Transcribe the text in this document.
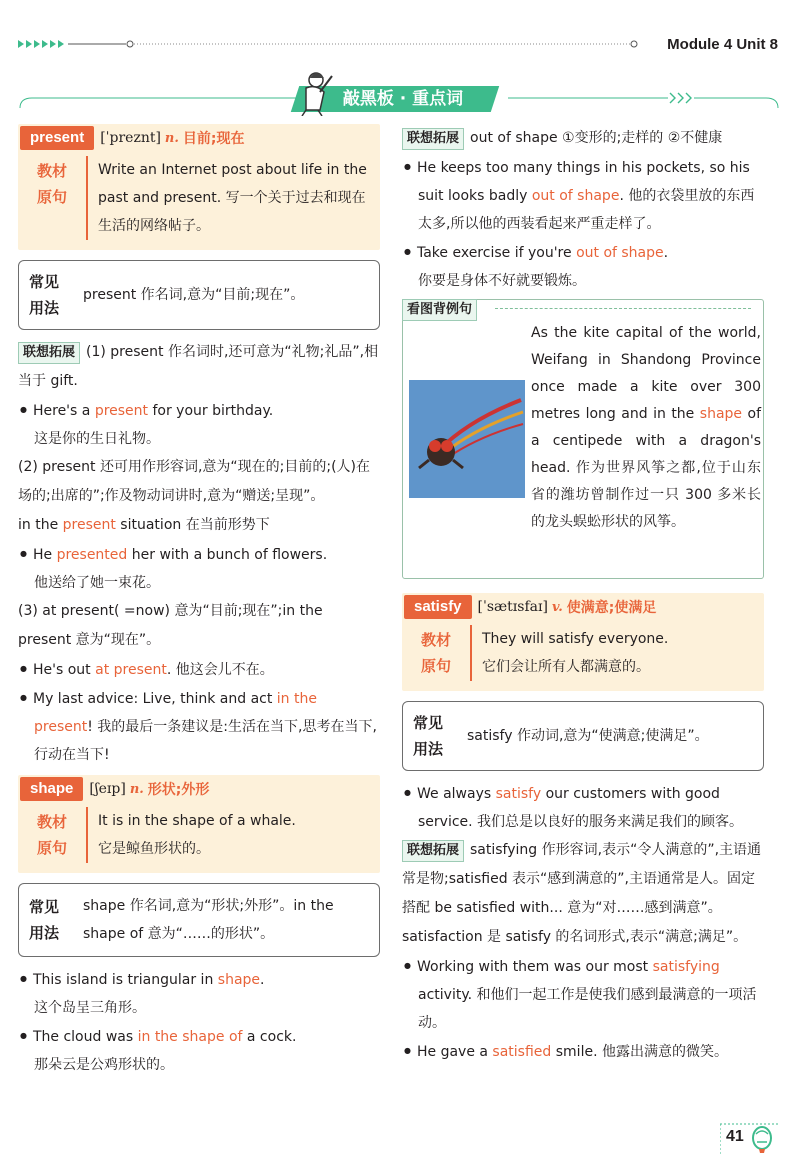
Module 4 Unit 8
敲黑板 · 重点词
present	[ˈpreznt] n. 目前;现在
教材
原句
Write an Internet post about life in the past and present. 写一个关于过去和现在生活的网络帖子。
常见
用法
present 作名词,意为“目前;现在”。
联想拓展 (1) present 作名词时,还可意为“礼物;礼品”,相当于 gift.
● Here's a present for your birthday.
这是你的生日礼物。
(2) present 还可用作形容词,意为“现在的;目前的;(人)在场的;出席的”;作及物动词讲时,意为“赠送;呈现”。
in the present situation 在当前形势下
● He presented her with a bunch of flowers.
他送给了她一束花。
(3) at present( =now) 意为“目前;现在”;in the present 意为“现在”。
● He's out at present. 他这会儿不在。
● My last advice: Live, think and act in the present! 我的最后一条建议是:生活在当下,思考在当下,行动在当下!
shape	[ʃeɪp] n. 形状;外形
教材
原句
It is in the shape of a whale.
它是鲸鱼形状的。
常见
用法
shape 作名词,意为“形状;外形”。in the shape of 意为“……的形状”。
● This island is triangular in shape.
这个岛呈三角形。
● The cloud was in the shape of a cock.
那朵云是公鸡形状的。
联想拓展 out of shape ①变形的;走样的 ②不健康
● He keeps too many things in his pockets, so his suit looks badly out of shape. 他的衣袋里放的东西太多,所以他的西装看起来严重走样了。
● Take exercise if you're out of shape.
你要是身体不好就要锻炼。
看图背例句
As the kite capital of the world, Weifang in Shandong Province once made a kite over 300 metres long and in the shape of a centipede with a dragon's head. 作为世界风筝之都,位于山东省的潍坊曾制作过一只 300 多米长的龙头蜈蚣形状的风筝。
satisfy	[ˈsætɪsfaɪ] v. 使满意;使满足
教材
原句
They will satisfy everyone.
它们会让所有人都满意的。
常见
用法
satisfy 作动词,意为“使满意;使满足”。
● We always satisfy our customers with good service. 我们总是以良好的服务来满足我们的顾客。
联想拓展 satisfying 作形容词,表示“令人满意的”,主语通常是物;satisfied 表示“感到满意的”,主语通常是人。固定搭配 be satisfied with... 意为“对……感到满意”。satisfaction 是 satisfy 的名词形式,表示“满意;满足”。
● Working with them was our most satisfying activity. 和他们一起工作是使我们感到最满意的一项活动。
● He gave a satisfied smile. 他露出满意的微笑。
41
